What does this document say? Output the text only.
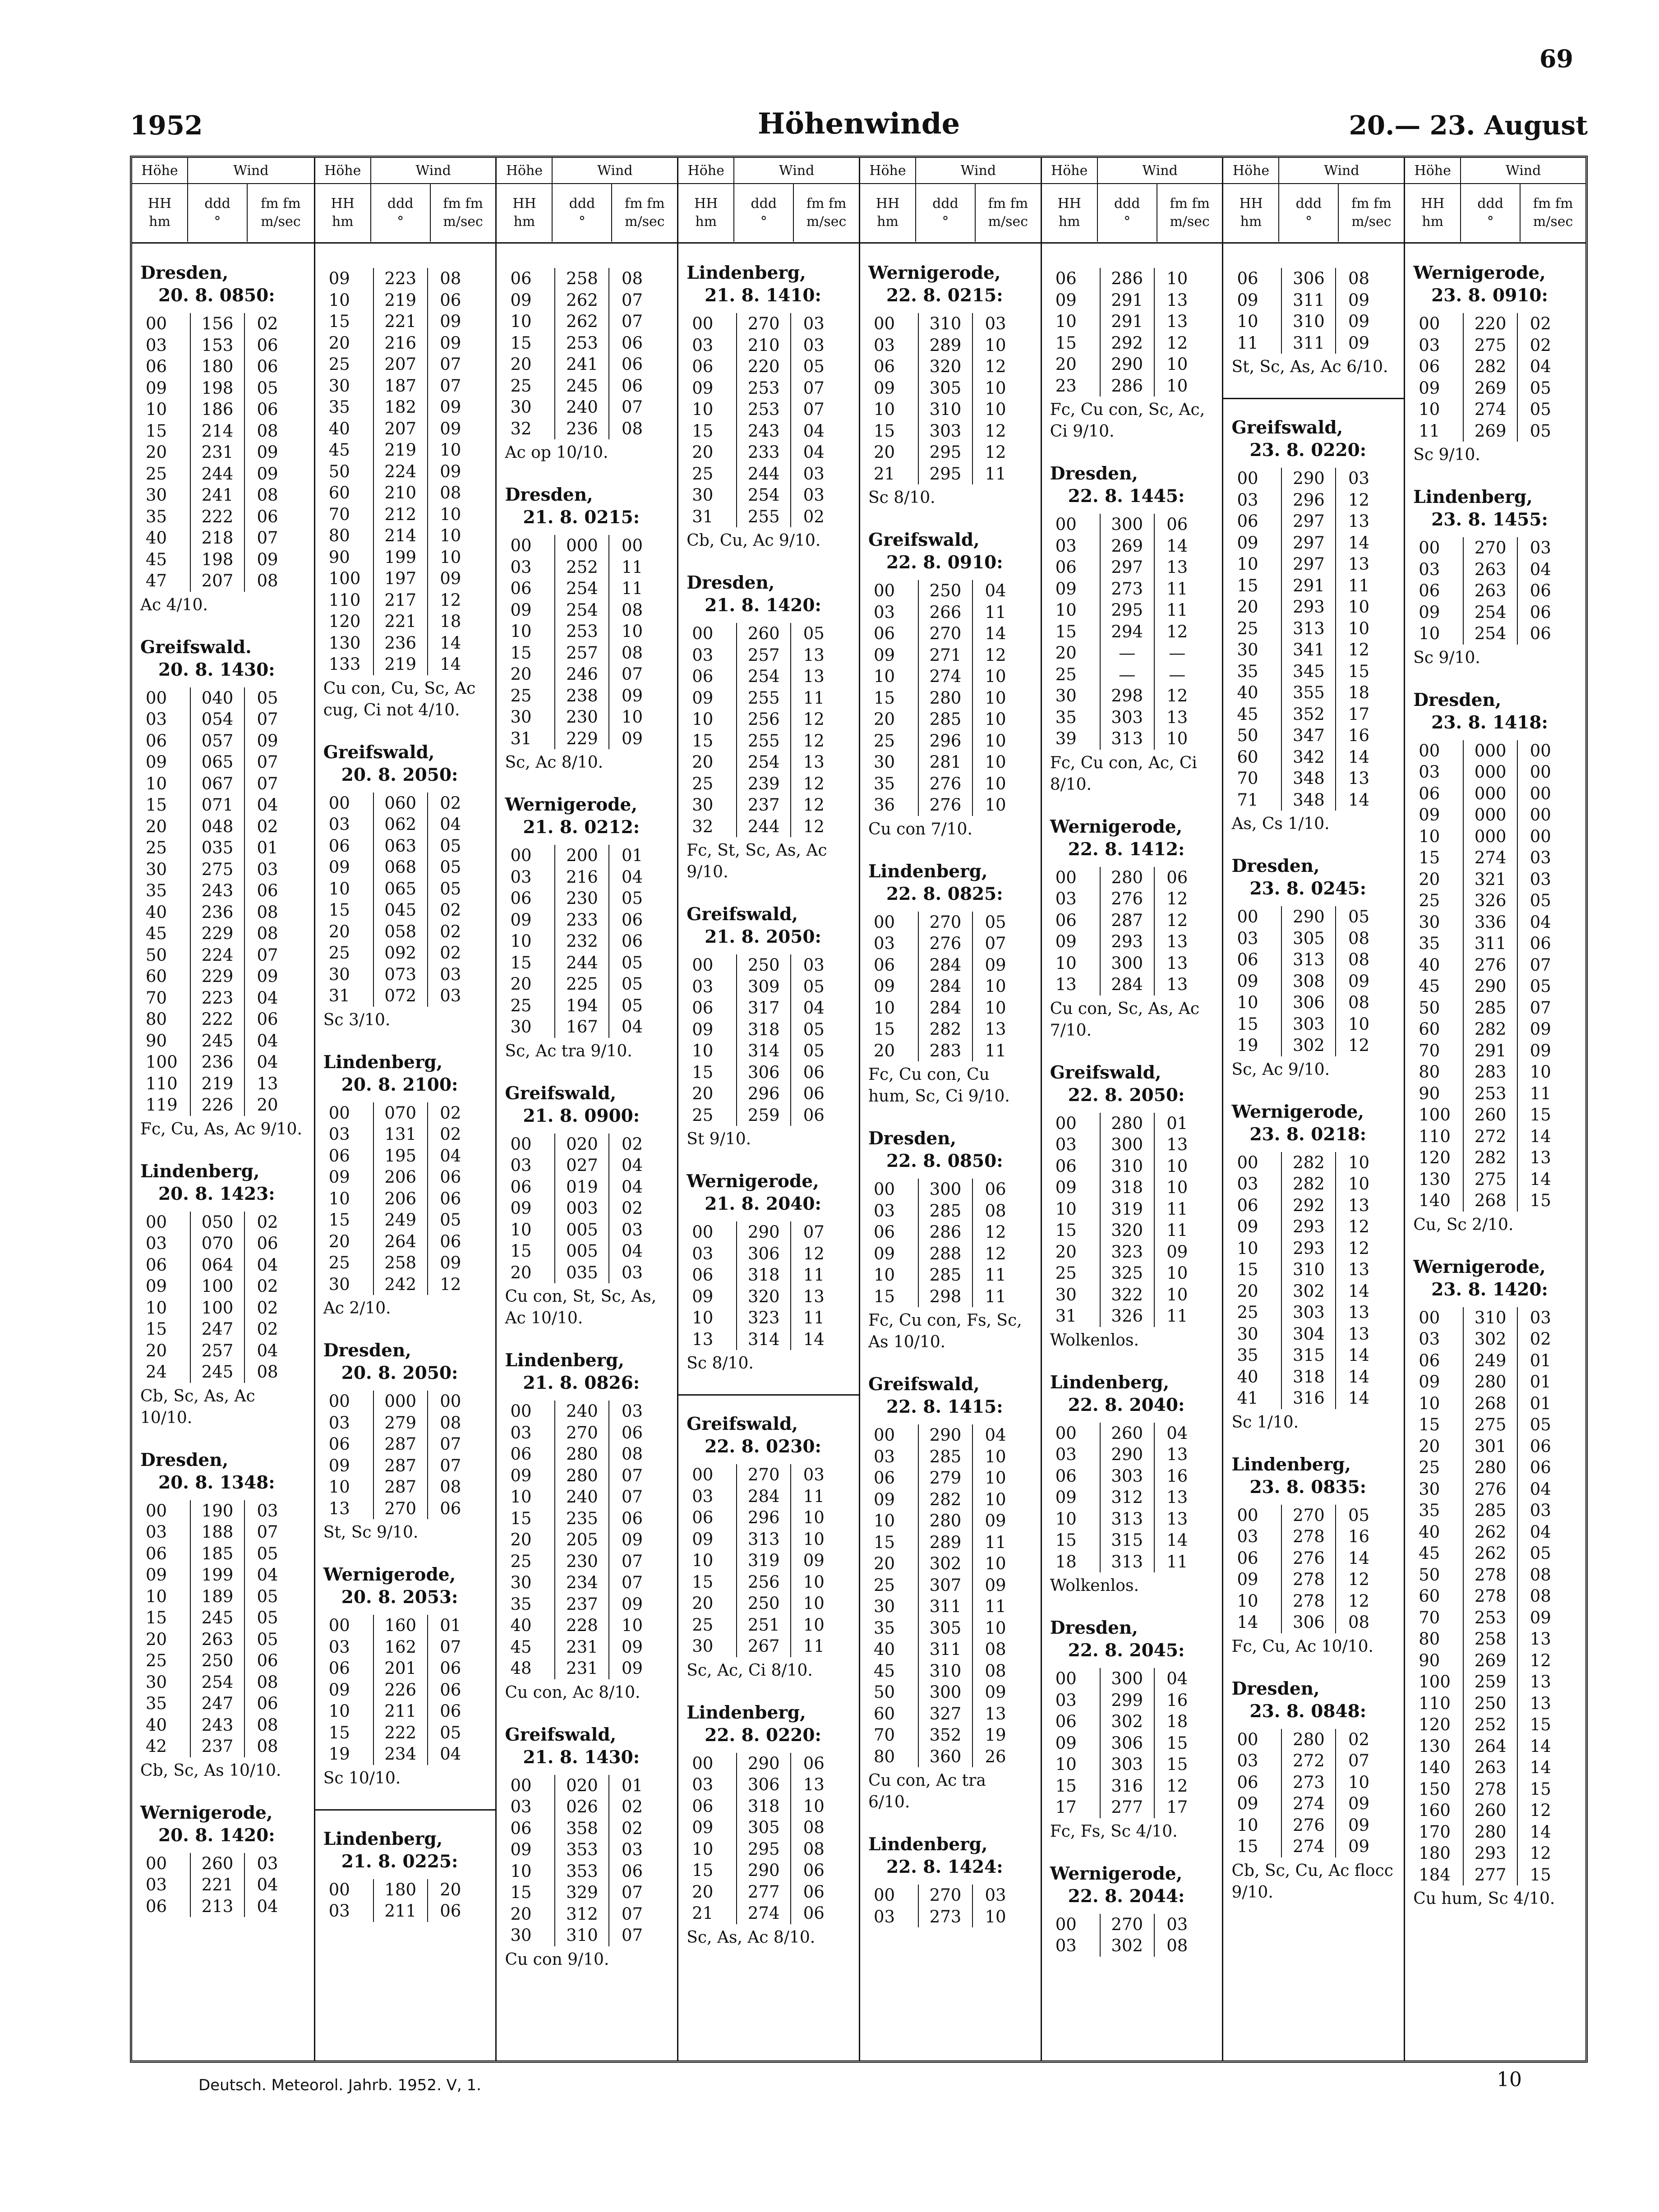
69
1952	Höhenwinde	20.— 23. August
Höhe	Wind
HH
hm
ddd
°
fm fm
m/sec
Dresden,
20. 8. 0850:
00	156	02
03	153	06
06	180	06
09	198	05
10	186	06
15	214	08
20	231	09
25	244	09
30	241	08
35	222	06
40	218	07
45	198	09
47	207	08
Ac 4/10.
Greifswald.
20. 8. 1430:
00	040	05
03	054	07
06	057	09
09	065	07
10	067	07
15	071	04
20	048	02
25	035	01
30	275	03
35	243	06
40	236	08
45	229	08
50	224	07
60	229	09
70	223	04
80	222	06
90	245	04
100	236	04
110	219	13
119	226	20
Fc, Cu, As, Ac 9/10.
Lindenberg,
20. 8. 1423:
00	050	02
03	070	06
06	064	04
09	100	02
10	100	02
15	247	02
20	257	04
24	245	08
Cb, Sc, As, Ac 10/10.
Dresden,
20. 8. 1348:
00	190	03
03	188	07
06	185	05
09	199	04
10	189	05
15	245	05
20	263	05
25	250	06
30	254	08
35	247	06
40	243	08
42	237	08
Cb, Sc, As 10/10.
Wernigerode,
20. 8. 1420:
00	260	03
03	221	04
06	213	04
Höhe	Wind
HH
hm
ddd
°
fm fm
m/sec
09	223	08
10	219	06
15	221	09
20	216	09
25	207	07
30	187	07
35	182	09
40	207	09
45	219	10
50	224	09
60	210	08
70	212	10
80	214	10
90	199	10
100	197	09
110	217	12
120	221	18
130	236	14
133	219	14
Cu con, Cu, Sc, Ac cug, Ci not 4/10.
Greifswald,
20. 8. 2050:
00	060	02
03	062	04
06	063	05
09	068	05
10	065	05
15	045	02
20	058	02
25	092	02
30	073	03
31	072	03
Sc 3/10.
Lindenberg,
20. 8. 2100:
00	070	02
03	131	02
06	195	04
09	206	06
10	206	06
15	249	05
20	264	06
25	258	09
30	242	12
Ac 2/10.
Dresden,
20. 8. 2050:
00	000	00
03	279	08
06	287	07
09	287	07
10	287	08
13	270	06
St, Sc 9/10.
Wernigerode,
20. 8. 2053:
00	160	01
03	162	07
06	201	06
09	226	06
10	211	06
15	222	05
19	234	04
Sc 10/10.
Lindenberg,
21. 8. 0225:
00	180	20
03	211	06
Höhe	Wind
HH
hm
ddd
°
fm fm
m/sec
06	258	08
09	262	07
10	262	07
15	253	06
20	241	06
25	245	06
30	240	07
32	236	08
Ac op 10/10.
Dresden,
21. 8. 0215:
00	000	00
03	252	11
06	254	11
09	254	08
10	253	10
15	257	08
20	246	07
25	238	09
30	230	10
31	229	09
Sc, Ac 8/10.
Wernigerode,
21. 8. 0212:
00	200	01
03	216	04
06	230	05
09	233	06
10	232	06
15	244	05
20	225	05
25	194	05
30	167	04
Sc, Ac tra 9/10.
Greifswald,
21. 8. 0900:
00	020	02
03	027	04
06	019	04
09	003	02
10	005	03
15	005	04
20	035	03
Cu con, St, Sc, As, Ac 10/10.
Lindenberg,
21. 8. 0826:
00	240	03
03	270	06
06	280	08
09	280	07
10	240	07
15	235	06
20	205	09
25	230	07
30	234	07
35	237	09
40	228	10
45	231	09
48	231	09
Cu con, Ac 8/10.
Greifswald,
21. 8. 1430:
00	020	01
03	026	02
06	358	02
09	353	03
10	353	06
15	329	07
20	312	07
30	310	07
Cu con 9/10.
Höhe	Wind
HH
hm
ddd
°
fm fm
m/sec
Lindenberg,
21. 8. 1410:
00	270	03
03	210	03
06	220	05
09	253	07
10	253	07
15	243	04
20	233	04
25	244	03
30	254	03
31	255	02
Cb, Cu, Ac 9/10.
Dresden,
21. 8. 1420:
00	260	05
03	257	13
06	254	13
09	255	11
10	256	12
15	255	12
20	254	13
25	239	12
30	237	12
32	244	12
Fc, St, Sc, As, Ac 9/10.
Greifswald,
21. 8. 2050:
00	250	03
03	309	05
06	317	04
09	318	05
10	314	05
15	306	06
20	296	06
25	259	06
St 9/10.
Wernigerode,
21. 8. 2040:
00	290	07
03	306	12
06	318	11
09	320	13
10	323	11
13	314	14
Sc 8/10.
Greifswald,
22. 8. 0230:
00	270	03
03	284	11
06	296	10
09	313	10
10	319	09
15	256	10
20	250	10
25	251	10
30	267	11
Sc, Ac, Ci 8/10.
Lindenberg,
22. 8. 0220:
00	290	06
03	306	13
06	318	10
09	305	08
10	295	08
15	290	06
20	277	06
21	274	06
Sc, As, Ac 8/10.
Höhe	Wind
HH
hm
ddd
°
fm fm
m/sec
Wernigerode,
22. 8. 0215:
00	310	03
03	289	10
06	320	12
09	305	10
10	310	10
15	303	12
20	295	12
21	295	11
Sc 8/10.
Greifswald,
22. 8. 0910:
00	250	04
03	266	11
06	270	14
09	271	12
10	274	10
15	280	10
20	285	10
25	296	10
30	281	10
35	276	10
36	276	10
Cu con 7/10.
Lindenberg,
22. 8. 0825:
00	270	05
03	276	07
06	284	09
09	284	10
10	284	10
15	282	13
20	283	11
Fc, Cu con, Cu hum, Sc, Ci 9/10.
Dresden,
22. 8. 0850:
00	300	06
03	285	08
06	286	12
09	288	12
10	285	11
15	298	11
Fc, Cu con, Fs, Sc, As 10/10.
Greifswald,
22. 8. 1415:
00	290	04
03	285	10
06	279	10
09	282	10
10	280	09
15	289	11
20	302	10
25	307	09
30	311	11
35	305	10
40	311	08
45	310	08
50	300	09
60	327	13
70	352	19
80	360	26
Cu con, Ac tra 6/10.
Lindenberg,
22. 8. 1424:
00	270	03
03	273	10
Höhe	Wind
HH
hm
ddd
°
fm fm
m/sec
06	286	10
09	291	13
10	291	13
15	292	12
20	290	10
23	286	10
Fc, Cu con, Sc, Ac, Ci 9/10.
Dresden,
22. 8. 1445:
00	300	06
03	269	14
06	297	13
09	273	11
10	295	11
15	294	12
20	—	—
25	—	—
30	298	12
35	303	13
39	313	10
Fc, Cu con, Ac, Ci 8/10.
Wernigerode,
22. 8. 1412:
00	280	06
03	276	12
06	287	12
09	293	13
10	300	13
13	284	13
Cu con, Sc, As, Ac 7/10.
Greifswald,
22. 8. 2050:
00	280	01
03	300	13
06	310	10
09	318	10
10	319	11
15	320	11
20	323	09
25	325	10
30	322	10
31	326	11
Wolkenlos.
Lindenberg,
22. 8. 2040:
00	260	04
03	290	13
06	303	16
09	312	13
10	313	13
15	315	14
18	313	11
Wolkenlos.
Dresden,
22. 8. 2045:
00	300	04
03	299	16
06	302	18
09	306	15
10	303	15
15	316	12
17	277	17
Fc, Fs, Sc 4/10.
Wernigerode,
22. 8. 2044:
00	270	03
03	302	08
Höhe	Wind
HH
hm
ddd
°
fm fm
m/sec
06	306	08
09	311	09
10	310	09
11	311	09
St, Sc, As, Ac 6/10.
Greifswald,
23. 8. 0220:
00	290	03
03	296	12
06	297	13
09	297	14
10	297	13
15	291	11
20	293	10
25	313	10
30	341	12
35	345	15
40	355	18
45	352	17
50	347	16
60	342	14
70	348	13
71	348	14
As, Cs 1/10.
Dresden,
23. 8. 0245:
00	290	05
03	305	08
06	313	08
09	308	09
10	306	08
15	303	10
19	302	12
Sc, Ac 9/10.
Wernigerode,
23. 8. 0218:
00	282	10
03	282	10
06	292	13
09	293	12
10	293	12
15	310	13
20	302	14
25	303	13
30	304	13
35	315	14
40	318	14
41	316	14
Sc 1/10.
Lindenberg,
23. 8. 0835:
00	270	05
03	278	16
06	276	14
09	278	12
10	278	12
14	306	08
Fc, Cu, Ac 10/10.
Dresden,
23. 8. 0848:
00	280	02
03	272	07
06	273	10
09	274	09
10	276	09
15	274	09
Cb, Sc, Cu, Ac flocc 9/10.
Höhe	Wind
HH
hm
ddd
°
fm fm
m/sec
Wernigerode,
23. 8. 0910:
00	220	02
03	275	02
06	282	04
09	269	05
10	274	05
11	269	05
Sc 9/10.
Lindenberg,
23. 8. 1455:
00	270	03
03	263	04
06	263	06
09	254	06
10	254	06
Sc 9/10.
Dresden,
23. 8. 1418:
00	000	00
03	000	00
06	000	00
09	000	00
10	000	00
15	274	03
20	321	03
25	326	05
30	336	04
35	311	06
40	276	07
45	290	05
50	285	07
60	282	09
70	291	09
80	283	10
90	253	11
100	260	15
110	272	14
120	282	13
130	275	14
140	268	15
Cu, Sc 2/10.
Wernigerode,
23. 8. 1420:
00	310	03
03	302	02
06	249	01
09	280	01
10	268	01
15	275	05
20	301	06
25	280	06
30	276	04
35	285	03
40	262	04
45	262	05
50	278	08
60	278	08
70	253	09
80	258	13
90	269	12
100	259	13
110	250	13
120	252	15
130	264	14
140	263	14
150	278	15
160	260	12
170	280	14
180	293	12
184	277	15
Cu hum, Sc 4/10.
Deutsch. Meteorol. Jahrb. 1952. V, 1.	10
